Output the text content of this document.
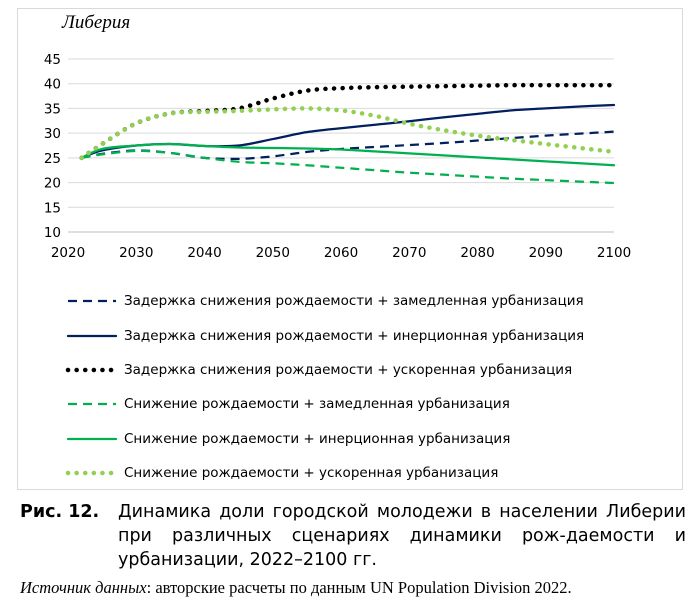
Либерия
10
15
20
25
30
35
40
45
2020	2030	2040	2050	2060	2070	2080	2090	2100
Задержка снижения рождаемости + замедленная урбанизация
Задержка снижения рождаемости + инерционная урбанизация
Задержка снижения рождаемости + ускоренная урбанизация
Снижение рождаемости + замедленная урбанизация
Снижение рождаемости + инерционная урбанизация
Снижение рождаемости + ускоренная урбанизация
Рис. 12. Динамика доли городской молодежи в населении Либерии при различных сценариях динамики рож-даемости и урбанизации, 2022–2100 гг.
Источник данных: авторские расчеты по данным UN Population Division 2022.
